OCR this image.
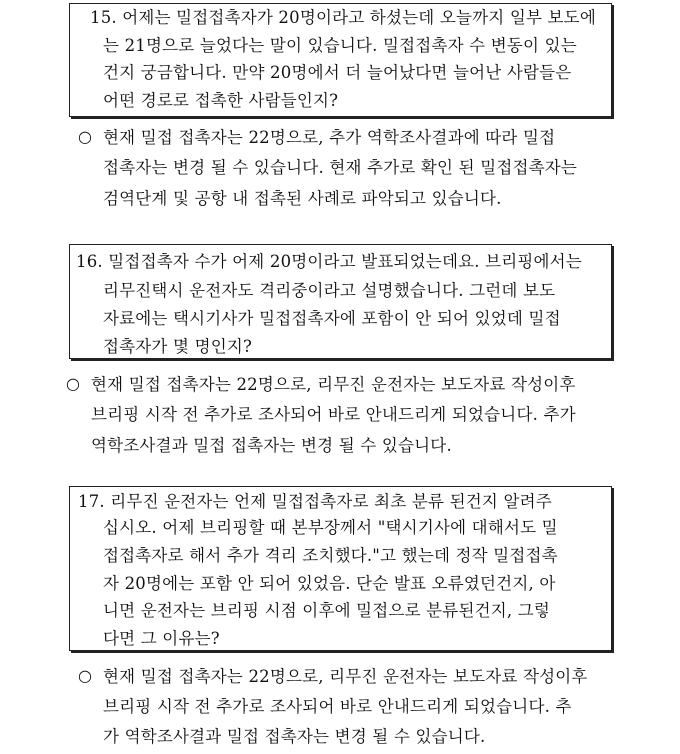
15. 어제는 밀접접촉자가 20명이라고 하셨는데 오늘까지 일부 보도에
는 21명으로 늘었다는 말이 있습니다. 밀접접촉자 수 변동이 있는
건지 궁금합니다. 만약 20명에서 더 늘어났다면 늘어난 사람들은
어떤 경로로 접촉한 사람들인지?
○ 현재 밀접 접촉자는 22명으로, 추가 역학조사결과에 따라 밀접
접촉자는 변경 될 수 있습니다. 현재 추가로 확인 된 밀접접촉자는
검역단계 및 공항 내 접촉된 사례로 파악되고 있습니다.
16. 밀접접촉자 수가 어제 20명이라고 발표되었는데요. 브리핑에서는
리무진택시 운전자도 격리중이라고 설명했습니다. 그런데 보도
자료에는 택시기사가 밀접접촉자에 포함이 안 되어 있었데 밀접
접촉자가 몇 명인지?
○ 현재 밀접 접촉자는 22명으로, 리무진 운전자는 보도자료 작성이후
브리핑 시작 전 추가로 조사되어 바로 안내드리게 되었습니다. 추가
역학조사결과 밀접 접촉자는 변경 될 수 있습니다.
17. 리무진 운전자는 언제 밀접접촉자로 최초 분류 된건지 알려주
십시오. 어제 브리핑할 때 본부장께서 "택시기사에 대해서도 밀
접접촉자로 해서 추가 격리 조치했다."고 했는데 정작 밀접접촉
자 20명에는 포함 안 되어 있었음. 단순 발표 오류였던건지, 아
니면 운전자는 브리핑 시점 이후에 밀접으로 분류된건지, 그렇
다면 그 이유는?
○ 현재 밀접 접촉자는 22명으로, 리무진 운전자는 보도자료 작성이후
브리핑 시작 전 추가로 조사되어 바로 안내드리게 되었습니다. 추
가 역학조사결과 밀접 접촉자는 변경 될 수 있습니다.
